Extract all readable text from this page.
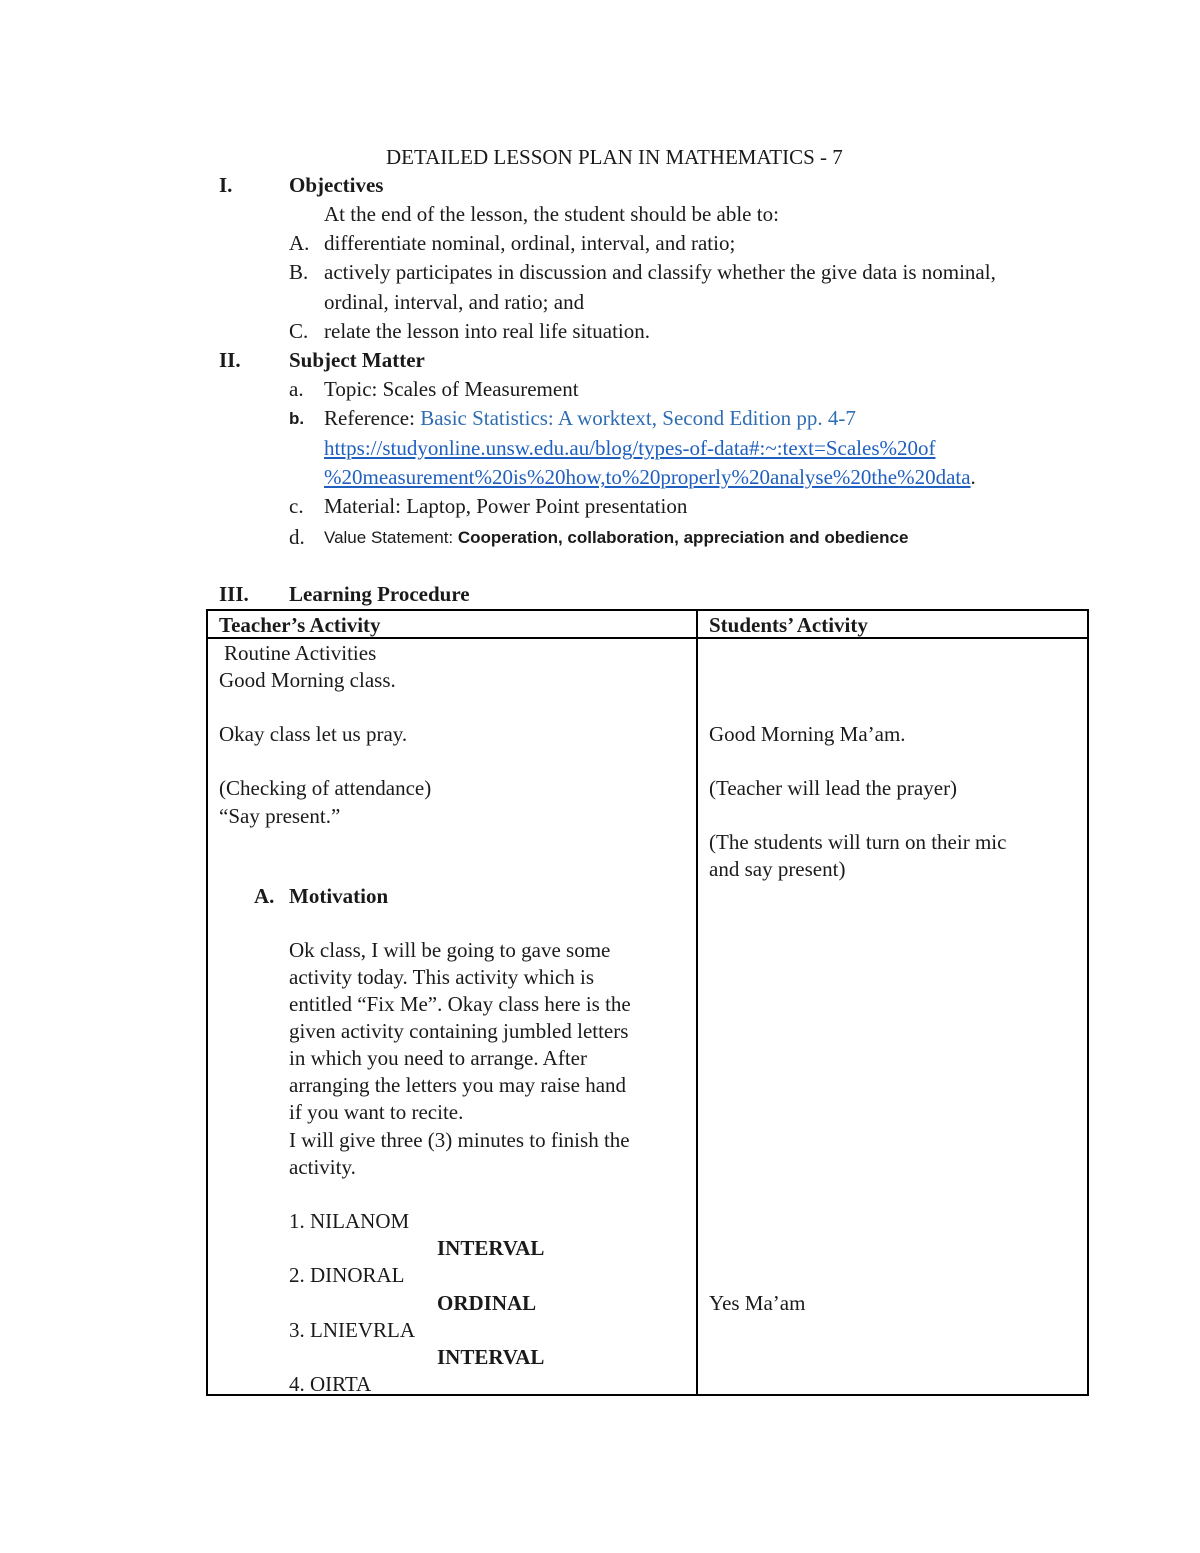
DETAILED LESSON PLAN IN MATHEMATICS - 7
I.	Objectives
At the end of the lesson, the student should be able to:
A. differentiate nominal, ordinal, interval, and ratio;
B. actively participates in discussion and classify whether the give data is nominal,
ordinal, interval, and ratio; and
C. relate the lesson into real life situation.
II. Subject Matter
a. Topic: Scales of Measurement
b. Reference: Basic Statistics: A worktext, Second Edition pp. 4-7
https://studyonline.unsw.edu.au/blog/types-of-data#:~:text=Scales%20of
%20measurement%20is%20how,to%20properly%20analyse%20the%20data.
c. Material: Laptop, Power Point presentation
d. Value Statement: Cooperation, collaboration, appreciation and obedience
III. Learning Procedure
Teacher’s Activity	Students’ Activity
Routine Activities
Good Morning class.
Okay class let us pray.
(Checking of attendance)
“Say present.”
A. Motivation
Ok class, I will be going to gave some
activity today. This activity which is
entitled “Fix Me”. Okay class here is the
given activity containing jumbled letters
in which you need to arrange. After
arranging the letters you may raise hand
if you want to recite.
I will give three (3) minutes to finish the
activity.
1. NILANOM
INTERVAL
2. DINORAL
ORDINAL
3. LNIEVRLA
INTERVAL
4. OIRTA
Good Morning Ma’am.
(Teacher will lead the prayer)
(The students will turn on their mic
and say present)
Yes Ma’am
